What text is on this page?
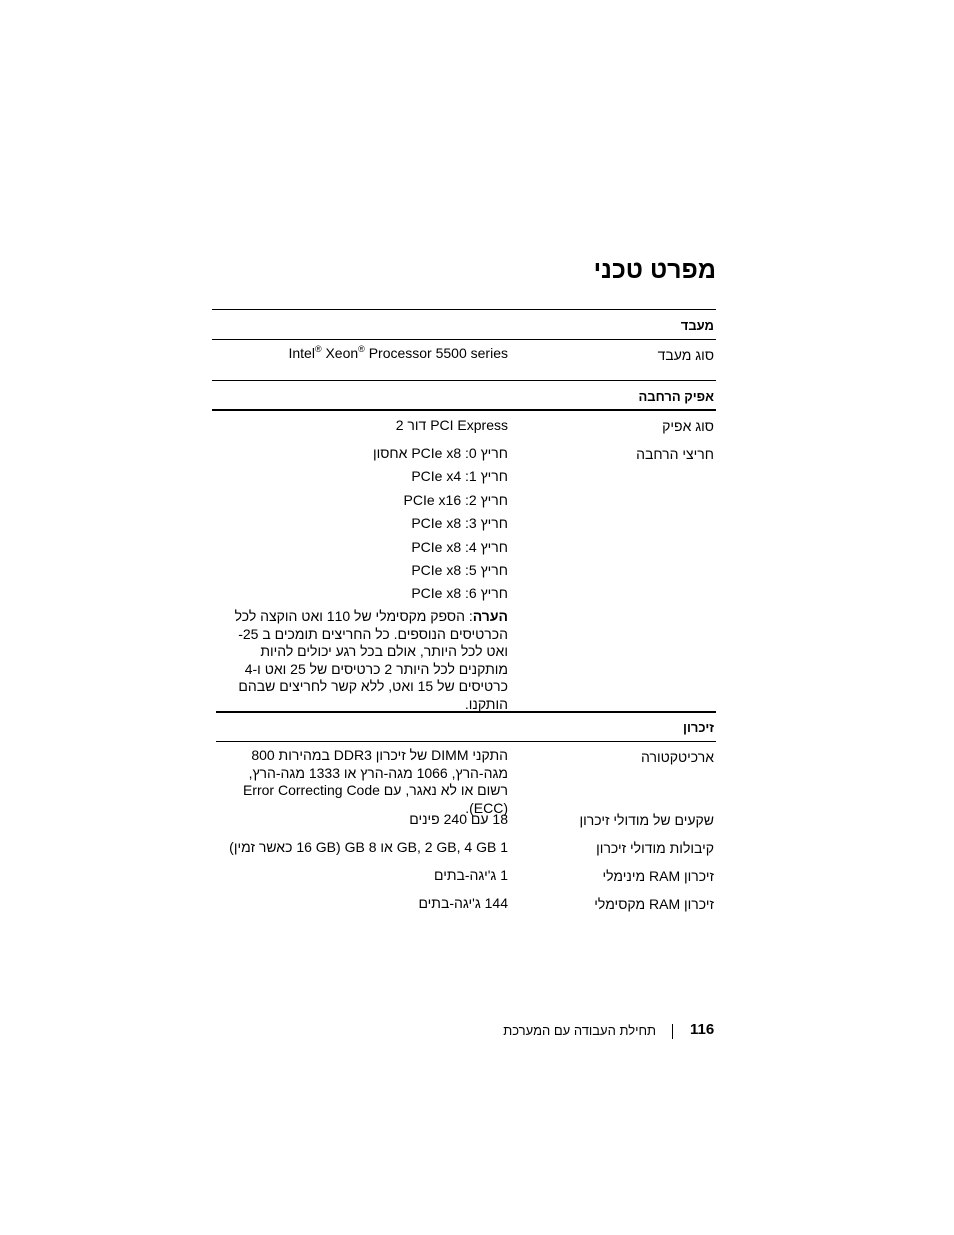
מפרט טכני
מעבד
סוג מעבד
Intel® Xeon® Processor 5500 series
אפיק הרחבה
סוג אפיק
PCI Express דור 2
חריצי הרחבה
חריץ 0: PCIe x8 אחסון
חריץ 1: PCIe x4
חריץ 2: PCIe x16
חריץ 3: PCIe x8
חריץ 4: PCIe x8
חריץ 5: PCIe x8
חריץ 6: PCIe x8
הערה: הספק מקסימלי של 110 ואט הוקצה לכל הכרטיסים הנוספים. כל החריצים תומכים ב 25-ואט לכל היותר, אולם בכל רגע יכולים להיות מותקנים לכל היותר 2 כרטיסים של 25 ואט ו-4 כרטיסים של 15 ואט, ללא קשר לחריצים שבהם הותקנו.
זיכרון
ארכיטקטורה
התקני DIMM של זיכרון DDR3 במהירות 800 מגה-הרץ, 1066 מגה-הרץ או 1333 מגה-הרץ, רשום או לא נאגר, עם Error Correcting Code (ECC).
שקעים של מודולי זיכרון
18 עם 240 פינים
קיבולות מודולי זיכרון
1 GB, 2 GB, 4 GB או 8 GB (16 GB כאשר זמין)
זיכרון RAM מינימלי
1 ג'יגה-בתים
זיכרון RAM מקסימלי
144 ג'יגה-בתים
116
תחילת העבודה עם המערכת
